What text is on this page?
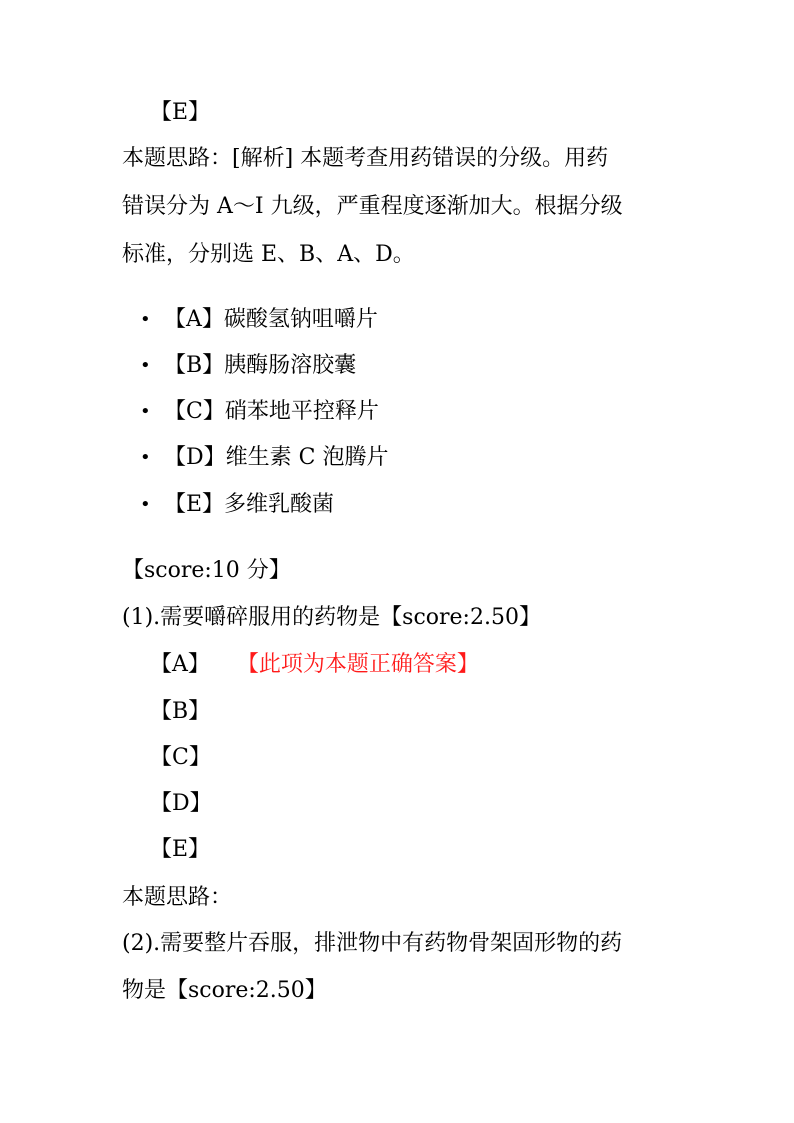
【E】
本题思路：[解析] 本题考查用药错误的分级。用药
错误分为 A～I 九级，严重程度逐渐加大。根据分级
标准，分别选 E、B、A、D。
• 【A】碳酸氢钠咀嚼片
• 【B】胰酶肠溶胶囊
• 【C】硝苯地平控释片
• 【D】维生素 C 泡腾片
• 【E】多维乳酸菌
【score:10 分】
(1).需要嚼碎服用的药物是【score:2.50】
【A】 【此项为本题正确答案】
【B】
【C】
【D】
【E】
本题思路：
(2).需要整片吞服，排泄物中有药物骨架固形物的药
物是【score:2.50】
